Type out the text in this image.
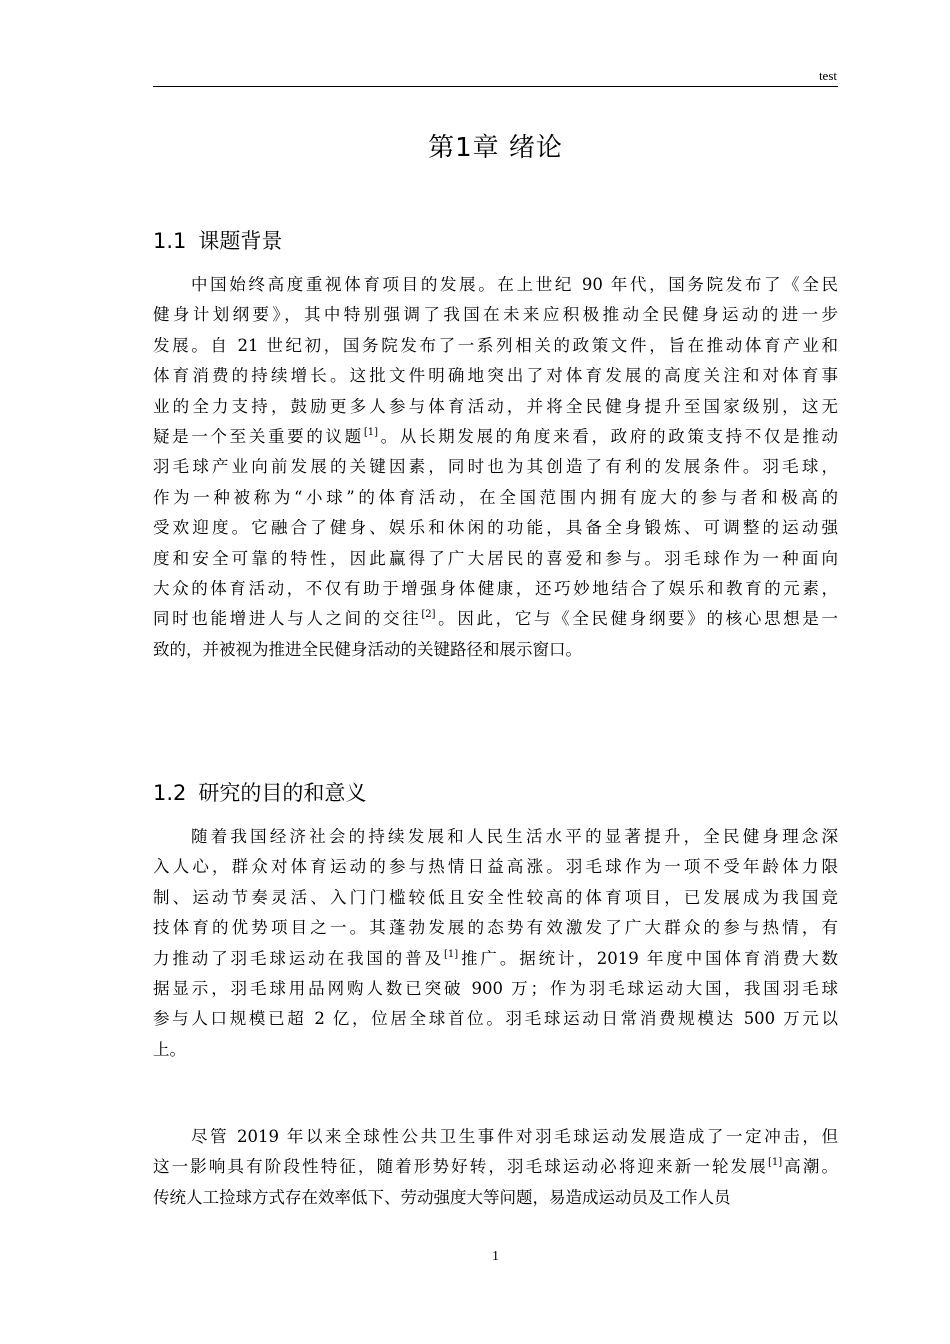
test
第1章 绪论
1.1 课题背景
中国始终高度重视体育项目的发展。在上世纪 90 年代，国务院发布了《全民
健身计划纲要》，其中特别强调了我国在未来应积极推动全民健身运动的进一步
发展。自 21 世纪初，国务院发布了一系列相关的政策文件，旨在推动体育产业和
体育消费的持续增长。这批文件明确地突出了对体育发展的高度关注和对体育事
业的全力支持，鼓励更多人参与体育活动，并将全民健身提升至国家级别，这无
疑是一个至关重要的议题[1]。从长期发展的角度来看，政府的政策支持不仅是推动
羽毛球产业向前发展的关键因素，同时也为其创造了有利的发展条件。羽毛球，
作为一种被称为“小球”的体育活动，在全国范围内拥有庞大的参与者和极高的
受欢迎度。它融合了健身、娱乐和休闲的功能，具备全身锻炼、可调整的运动强
度和安全可靠的特性，因此赢得了广大居民的喜爱和参与。羽毛球作为一种面向
大众的体育活动，不仅有助于增强身体健康，还巧妙地结合了娱乐和教育的元素，
同时也能增进人与人之间的交往[2]。因此，它与《全民健身纲要》的核心思想是一
致的，并被视为推进全民健身活动的关键路径和展示窗口。
1.2 研究的目的和意义
随着我国经济社会的持续发展和人民生活水平的显著提升，全民健身理念深
入人心，群众对体育运动的参与热情日益高涨。羽毛球作为一项不受年龄体力限
制、运动节奏灵活、入门门槛较低且安全性较高的体育项目，已发展成为我国竞
技体育的优势项目之一。其蓬勃发展的态势有效激发了广大群众的参与热情，有
力推动了羽毛球运动在我国的普及[1]推广。据统计，2019 年度中国体育消费大数
据显示，羽毛球用品网购人数已突破 900 万；作为羽毛球运动大国，我国羽毛球
参与人口规模已超 2 亿，位居全球首位。羽毛球运动日常消费规模达 500 万元以
上。
尽管 2019 年以来全球性公共卫生事件对羽毛球运动发展造成了一定冲击，但
这一影响具有阶段性特征，随着形势好转，羽毛球运动必将迎来新一轮发展[1]高潮。
传统人工捡球方式存在效率低下、劳动强度大等问题，易造成运动员及工作人员
1
